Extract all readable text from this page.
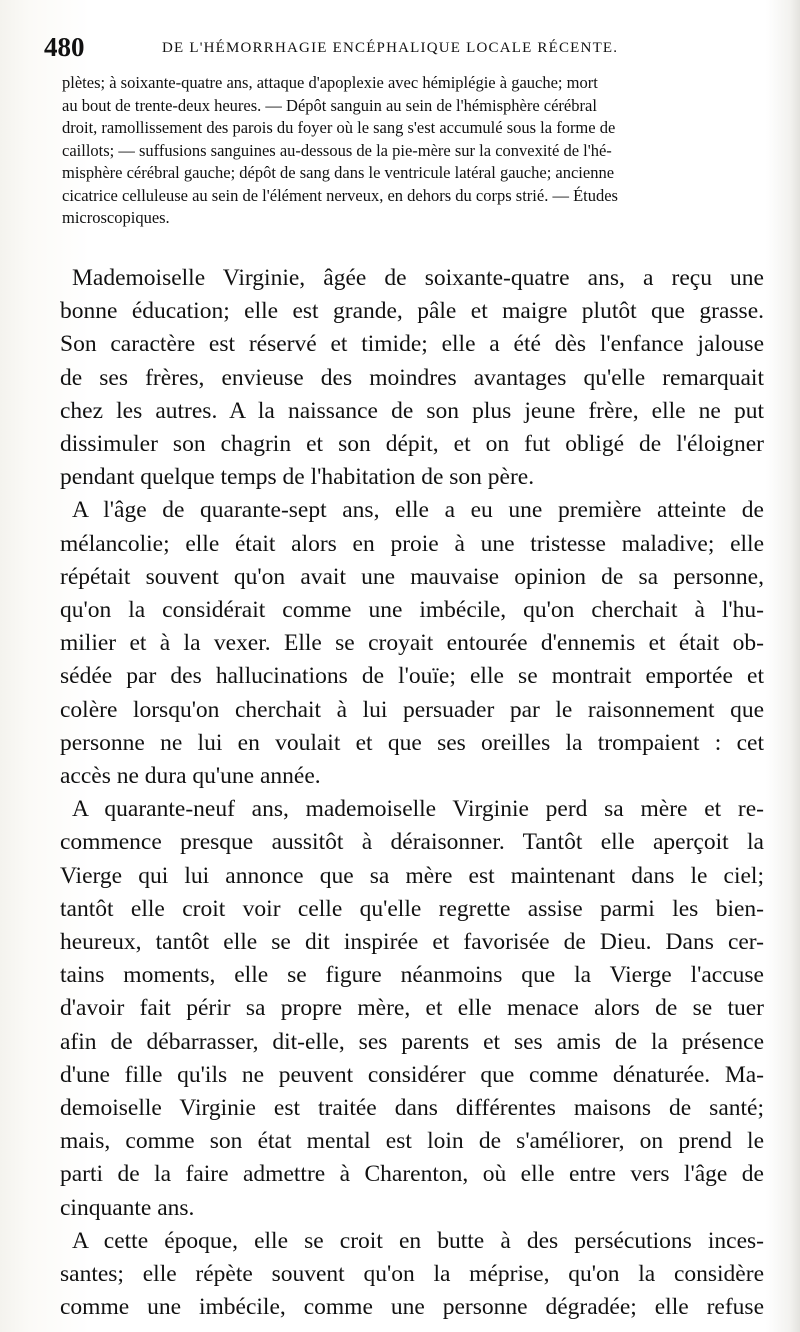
480	DE L'HÉMORRHAGIE ENCÉPHALIQUE LOCALE RÉCENTE.
plètes; à soixante-quatre ans, attaque d'apoplexie avec hémiplégie à gauche; mort
au bout de trente-deux heures. — Dépôt sanguin au sein de l'hémisphère cérébral
droit, ramollissement des parois du foyer où le sang s'est accumulé sous la forme de
caillots; — suffusions sanguines au-dessous de la pie-mère sur la convexité de l'hé-
misphère cérébral gauche; dépôt de sang dans le ventricule latéral gauche; ancienne
cicatrice celluleuse au sein de l'élément nerveux, en dehors du corps strié. — Études
microscopiques.
Mademoiselle Virginie, âgée de soixante-quatre ans, a reçu une
bonne éducation; elle est grande, pâle et maigre plutôt que grasse.
Son caractère est réservé et timide; elle a été dès l'enfance jalouse
de ses frères, envieuse des moindres avantages qu'elle remarquait
chez les autres. A la naissance de son plus jeune frère, elle ne put
dissimuler son chagrin et son dépit, et on fut obligé de l'éloigner
pendant quelque temps de l'habitation de son père.
A l'âge de quarante-sept ans, elle a eu une première atteinte de
mélancolie; elle était alors en proie à une tristesse maladive; elle
répétait souvent qu'on avait une mauvaise opinion de sa personne,
qu'on la considérait comme une imbécile, qu'on cherchait à l'hu-
milier et à la vexer. Elle se croyait entourée d'ennemis et était ob-
sédée par des hallucinations de l'ouïe; elle se montrait emportée et
colère lorsqu'on cherchait à lui persuader par le raisonnement que
personne ne lui en voulait et que ses oreilles la trompaient : cet
accès ne dura qu'une année.
A quarante-neuf ans, mademoiselle Virginie perd sa mère et re-
commence presque aussitôt à déraisonner. Tantôt elle aperçoit la
Vierge qui lui annonce que sa mère est maintenant dans le ciel;
tantôt elle croit voir celle qu'elle regrette assise parmi les bien-
heureux, tantôt elle se dit inspirée et favorisée de Dieu. Dans cer-
tains moments, elle se figure néanmoins que la Vierge l'accuse
d'avoir fait périr sa propre mère, et elle menace alors de se tuer
afin de débarrasser, dit-elle, ses parents et ses amis de la présence
d'une fille qu'ils ne peuvent considérer que comme dénaturée. Ma-
demoiselle Virginie est traitée dans différentes maisons de santé;
mais, comme son état mental est loin de s'améliorer, on prend le
parti de la faire admettre à Charenton, où elle entre vers l'âge de
cinquante ans.
A cette époque, elle se croit en butte à des persécutions inces-
santes; elle répète souvent qu'on la méprise, qu'on la considère
comme une imbécile, comme une personne dégradée; elle refuse
